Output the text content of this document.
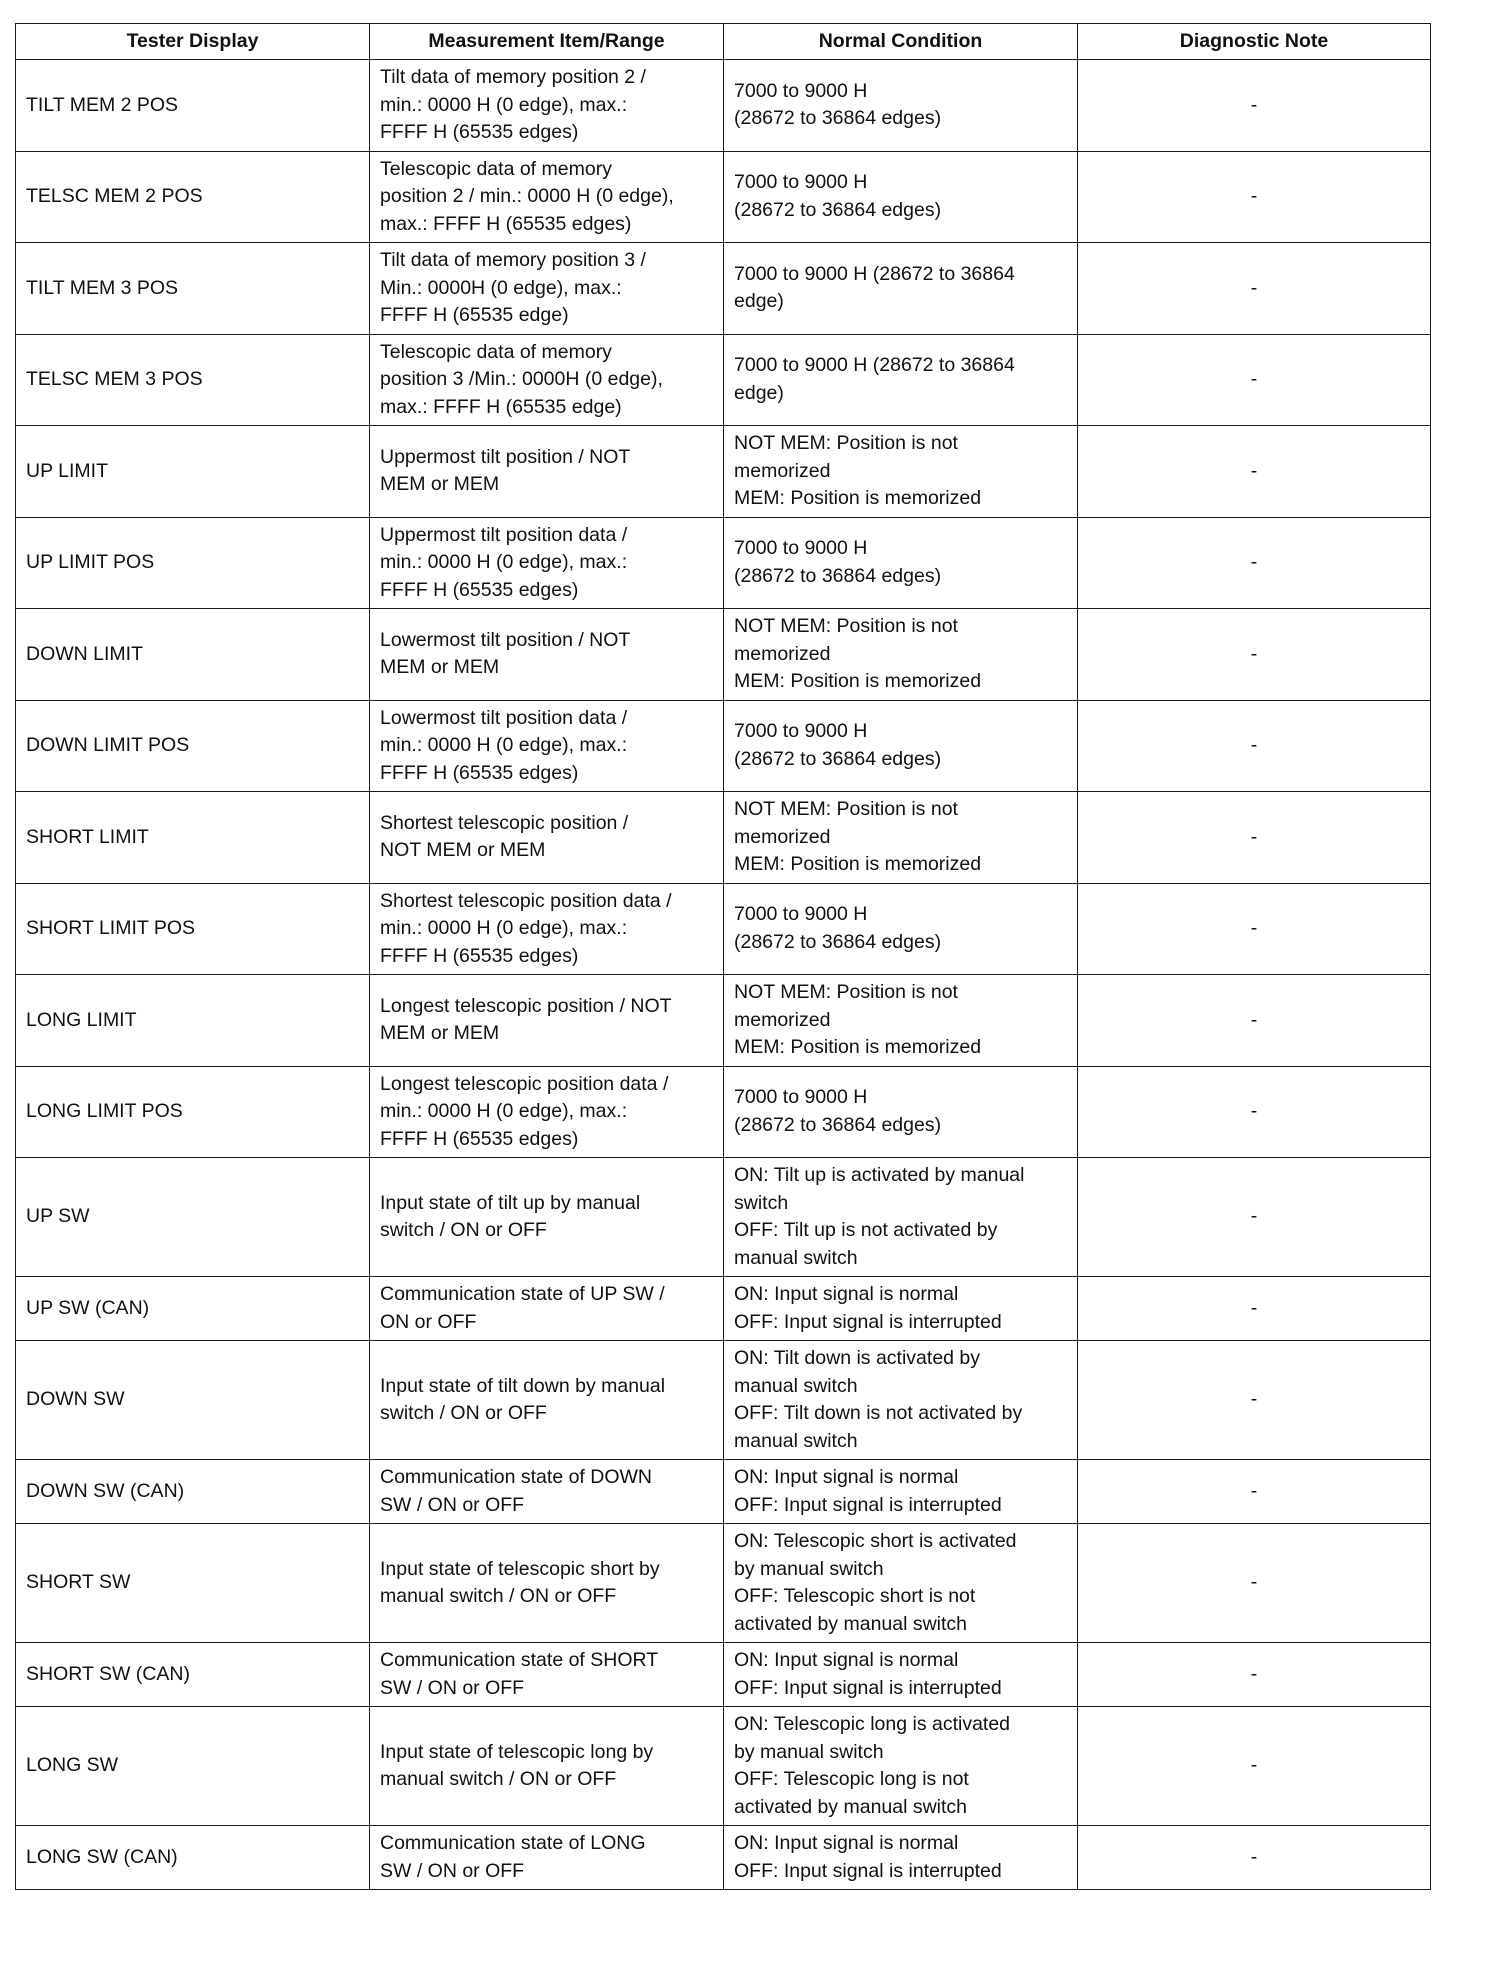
Tester Display	Measurement Item/Range	Normal Condition	Diagnostic Note
TILT MEM 2 POS	Tilt data of memory position 2 /
min.: 0000 H (0 edge), max.:
FFFF H (65535 edges)	7000 to 9000 H
(28672 to 36864 edges)	-
TELSC MEM 2 POS	Telescopic data of memory
position 2 / min.: 0000 H (0 edge),
max.: FFFF H (65535 edges)	7000 to 9000 H
(28672 to 36864 edges)	-
TILT MEM 3 POS	Tilt data of memory position 3 /
Min.: 0000H (0 edge), max.:
FFFF H (65535 edge)	7000 to 9000 H (28672 to 36864
edge)	-
TELSC MEM 3 POS	Telescopic data of memory
position 3 /Min.: 0000H (0 edge),
max.: FFFF H (65535 edge)	7000 to 9000 H (28672 to 36864
edge)	-
UP LIMIT	Uppermost tilt position / NOT
MEM or MEM	NOT MEM: Position is not
memorized
MEM: Position is memorized	-
UP LIMIT POS	Uppermost tilt position data /
min.: 0000 H (0 edge), max.:
FFFF H (65535 edges)	7000 to 9000 H
(28672 to 36864 edges)	-
DOWN LIMIT	Lowermost tilt position / NOT
MEM or MEM	NOT MEM: Position is not
memorized
MEM: Position is memorized	-
DOWN LIMIT POS	Lowermost tilt position data /
min.: 0000 H (0 edge), max.:
FFFF H (65535 edges)	7000 to 9000 H
(28672 to 36864 edges)	-
SHORT LIMIT	Shortest telescopic position /
NOT MEM or MEM	NOT MEM: Position is not
memorized
MEM: Position is memorized	-
SHORT LIMIT POS	Shortest telescopic position data /
min.: 0000 H (0 edge), max.:
FFFF H (65535 edges)	7000 to 9000 H
(28672 to 36864 edges)	-
LONG LIMIT	Longest telescopic position / NOT
MEM or MEM	NOT MEM: Position is not
memorized
MEM: Position is memorized	-
LONG LIMIT POS	Longest telescopic position data /
min.: 0000 H (0 edge), max.:
FFFF H (65535 edges)	7000 to 9000 H
(28672 to 36864 edges)	-
UP SW	Input state of tilt up by manual
switch / ON or OFF	ON: Tilt up is activated by manual
switch
OFF: Tilt up is not activated by
manual switch	-
UP SW (CAN)	Communication state of UP SW /
ON or OFF	ON: Input signal is normal
OFF: Input signal is interrupted	-
DOWN SW	Input state of tilt down by manual
switch / ON or OFF	ON: Tilt down is activated by
manual switch
OFF: Tilt down is not activated by
manual switch	-
DOWN SW (CAN)	Communication state of DOWN
SW / ON or OFF	ON: Input signal is normal
OFF: Input signal is interrupted	-
SHORT SW	Input state of telescopic short by
manual switch / ON or OFF	ON: Telescopic short is activated
by manual switch
OFF: Telescopic short is not
activated by manual switch	-
SHORT SW (CAN)	Communication state of SHORT
SW / ON or OFF	ON: Input signal is normal
OFF: Input signal is interrupted	-
LONG SW	Input state of telescopic long by
manual switch / ON or OFF	ON: Telescopic long is activated
by manual switch
OFF: Telescopic long is not
activated by manual switch	-
LONG SW (CAN)	Communication state of LONG
SW / ON or OFF	ON: Input signal is normal
OFF: Input signal is interrupted	-
